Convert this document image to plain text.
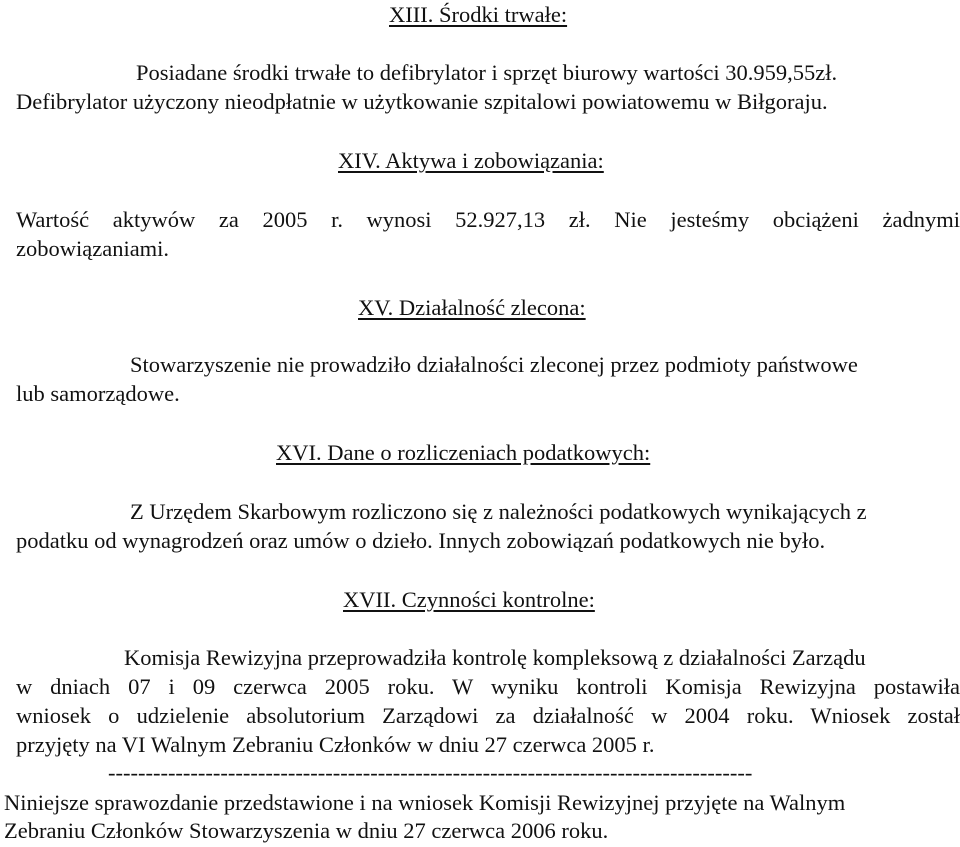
XIII. Środki trwałe:
Posiadane środki trwałe to defibrylator i sprzęt biurowy wartości 30.959,55zł.
Defibrylator użyczony nieodpłatnie w użytkowanie szpitalowi powiatowemu w Biłgoraju.
XIV. Aktywa i zobowiązania:
Wartość aktywów za 2005 r. wynosi 52.927,13 zł. Nie jesteśmy obciążeni żadnymi
zobowiązaniami.
XV. Działalność zlecona:
Stowarzyszenie nie prowadziło działalności zleconej przez podmioty państwowe
lub samorządowe.
XVI. Dane o rozliczeniach podatkowych:
Z Urzędem Skarbowym rozliczono się z należności podatkowych wynikających z
podatku od wynagrodzeń oraz umów o dzieło. Innych zobowiązań podatkowych nie było.
XVII. Czynności kontrolne:
Komisja Rewizyjna przeprowadziła kontrolę kompleksową z działalności Zarządu
w dniach 07 i 09 czerwca 2005 roku. W wyniku kontroli Komisja Rewizyjna postawiła
wniosek o udzielenie absolutorium Zarządowi za działalność w 2004 roku. Wniosek został
przyjęty na VI Walnym Zebraniu Członków w dniu 27 czerwca 2005 r.
--------------------------------------------------------------------------------------
Niniejsze sprawozdanie przedstawione i na wniosek Komisji Rewizyjnej przyjęte na Walnym
Zebraniu Członków Stowarzyszenia w dniu 27 czerwca 2006 roku.
